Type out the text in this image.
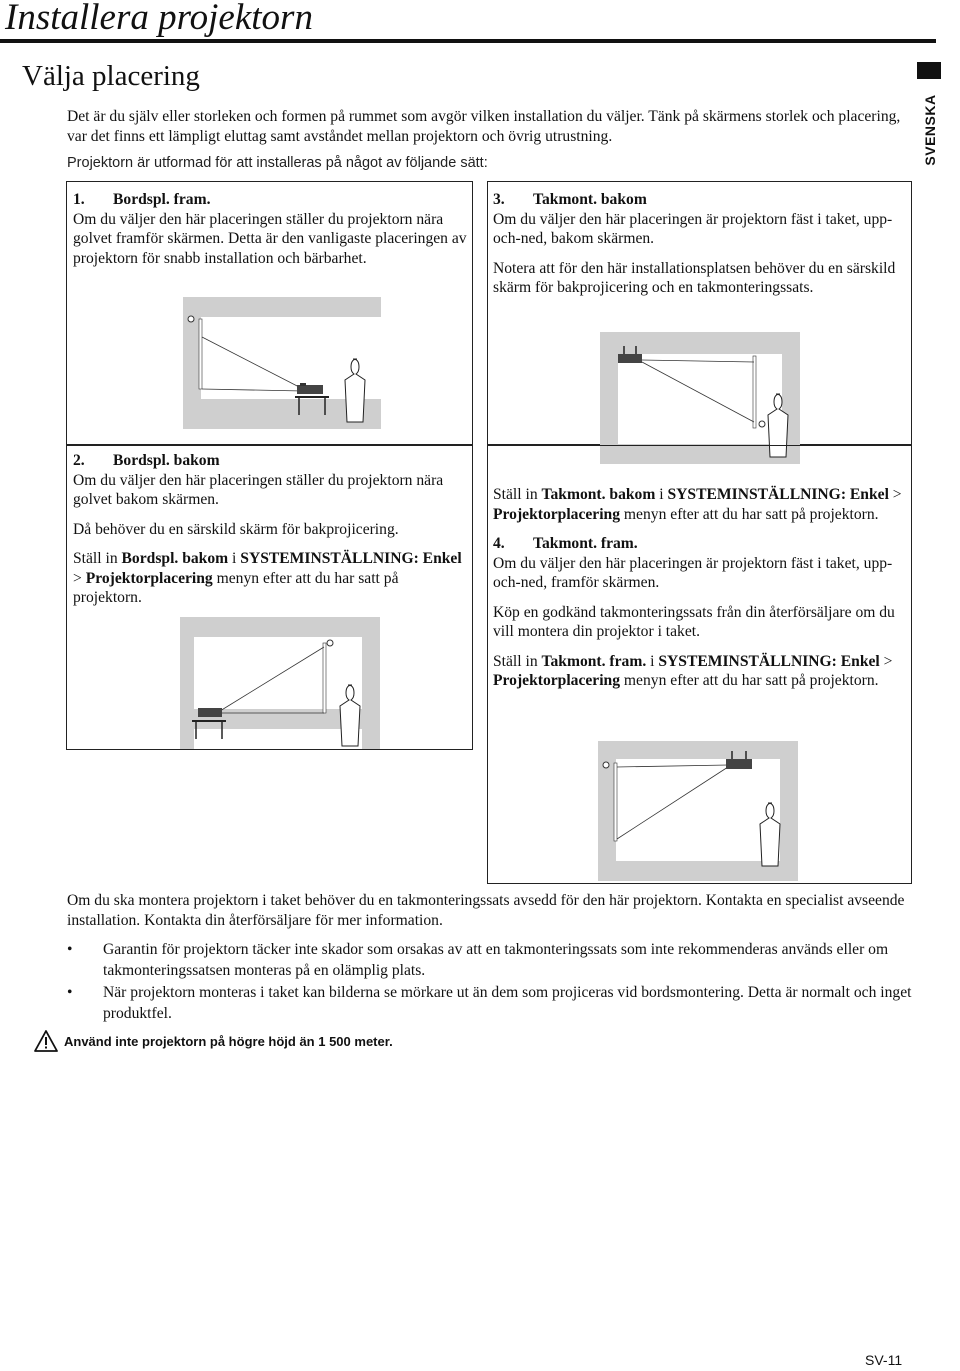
Installera projektorn
Välja placering
SVENSKA

Det är du själv eller storleken och formen på rummet som avgör vilken installation du väljer. Tänk på skärmens storlek och placering, var det finns ett lämpligt eluttag samt avståndet mellan projektorn och övrig utrustning.

Projektorn är utformad för att installeras på något av följande sätt:

1. Bordspl. fram.

Om du väljer den här placeringen ställer du projektorn nära golvet framför skärmen. Detta är den vanligaste placeringen av projektorn för snabb installation och bärbarhet.

2. Bordspl. bakom

Om du väljer den här placeringen ställer du projektorn nära golvet bakom skärmen.

Då behöver du en särskild skärm för bakprojicering.

Ställ in Bordspl. bakom i SYSTEMINSTÄLLNING: Enkel > Projektorplacering menyn efter att du har satt på projektorn.

3. Takmont. bakom

Om du väljer den här placeringen är projektorn fäst i taket, upp-och-ned, bakom skärmen.

Notera att för den här installationsplatsen behöver du en särskild skärm för bakprojicering och en takmonteringssats.

Ställ in Takmont. bakom i SYSTEMINSTÄLLNING: Enkel > Projektorplacering menyn efter att du har satt på projektorn.

4. Takmont. fram.

Om du väljer den här placeringen är projektorn fäst i taket, upp-och-ned, framför skärmen.

Köp en godkänd takmonteringssats från din återförsäljare om du vill montera din projektor i taket.

Ställ in Takmont. fram. i SYSTEMINSTÄLLNING: Enkel > Projektorplacering menyn efter att du har satt på projektorn.

Om du ska montera projektorn i taket behöver du en takmonteringssats avsedd för den här projektorn. Kontakta en specialist avseende installation. Kontakta din återförsäljare för mer information.

• Garantin för projektorn täcker inte skador som orsakas av att en takmonteringssats som inte rekommenderas används eller om takmonteringssatsen monteras på en olämplig plats.
• När projektorn monteras i taket kan bilderna se mörkare ut än dem som projiceras vid bordsmontering. Detta är normalt och inget produktfel.
Använd inte projektorn på högre höjd än 1 500 meter.
SV-11
